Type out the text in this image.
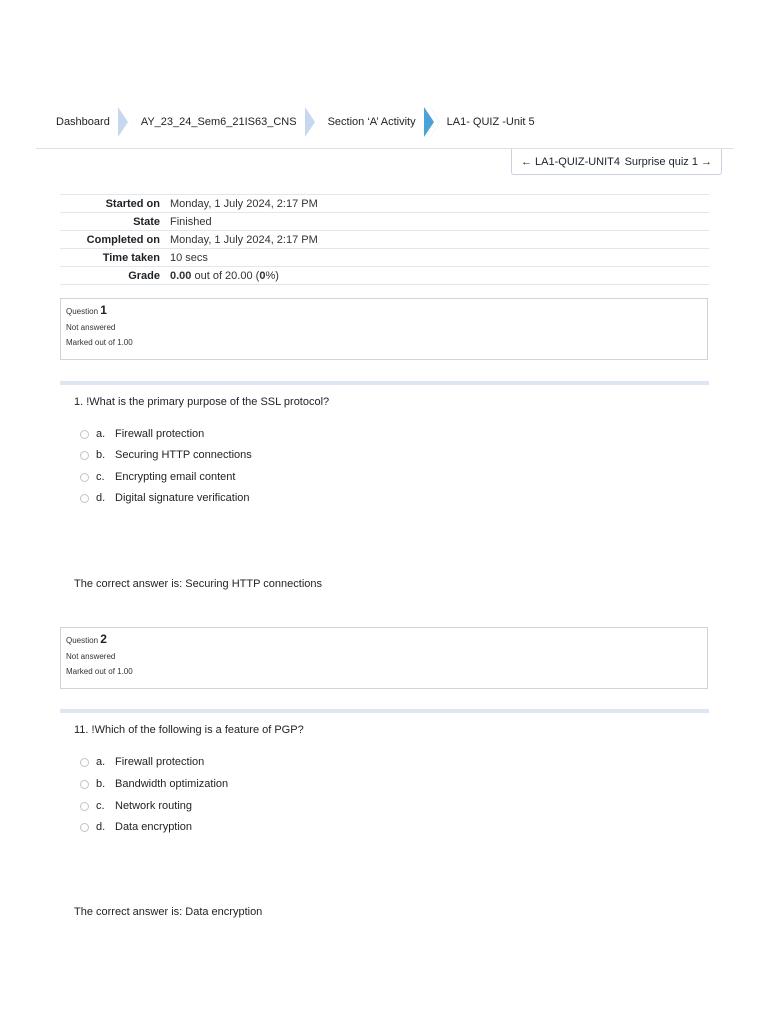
Dashboard	AY_23_24_Sem6_21IS63_CNS	Section ‘A’ Activity	LA1- QUIZ -Unit 5
← LA1-QUIZ-UNIT4 Surprise quiz 1 →
Started on	Monday, 1 July 2024, 2:17 PM
State	Finished
Completed on	Monday, 1 July 2024, 2:17 PM
Time taken	10 secs
Grade	0.00 out of 20.00 (0%)
Question 1
Not answered
Marked out of 1.00
1. !What is the primary purpose of the SSL protocol?
a. Firewall protection
b. Securing HTTP connections
c. Encrypting email content
d. Digital signature verification
The correct answer is: Securing HTTP connections
Question 2
Not answered
Marked out of 1.00
11. !Which of the following is a feature of PGP?
a. Firewall protection
b. Bandwidth optimization
c. Network routing
d. Data encryption
The correct answer is: Data encryption
